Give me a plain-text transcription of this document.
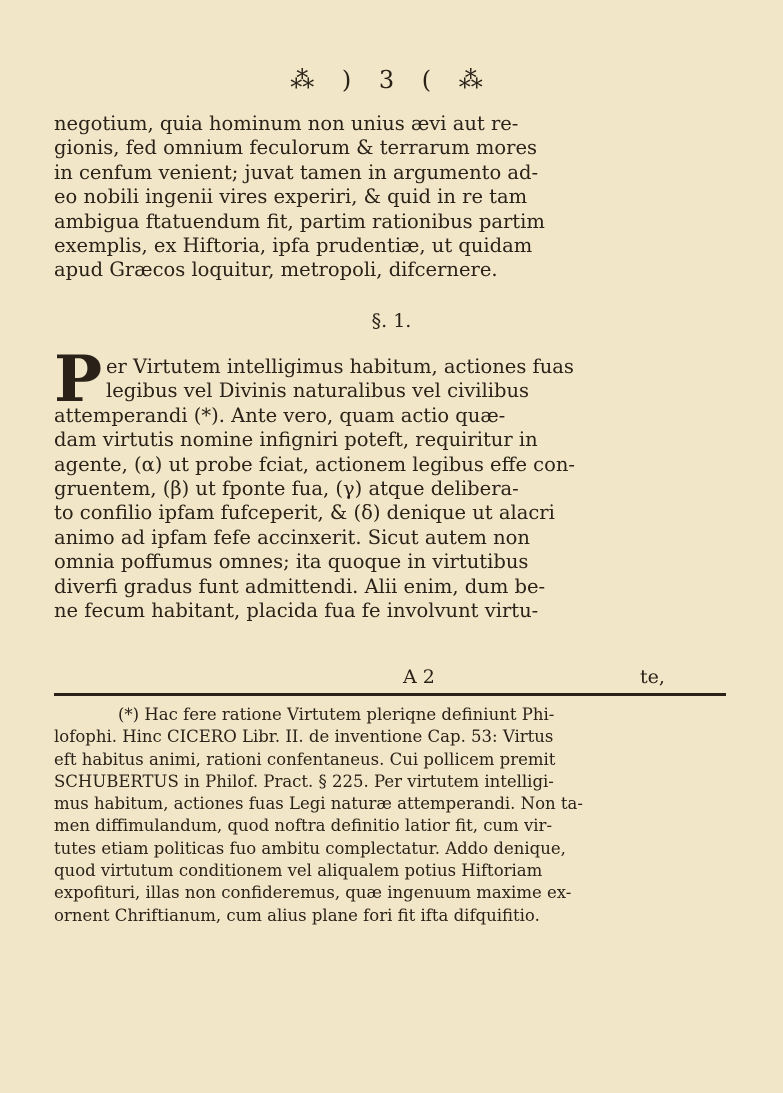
⁂ ) 3 ( ⁂
negotium, quia hominum non unius ævi aut re-
gionis, fed omnium feculorum & terrarum mores
in cenfum venient; juvat tamen in argumento ad-
eo nobili ingenii vires experiri, & quid in re tam
ambigua ftatuendum fit, partim rationibus partim
exemplis, ex Hiftoria, ipfa prudentiæ, ut quidam
apud Græcos loquitur, metropoli, difcernere.
§. 1.
P er Virtutem intelligimus habitum, actiones fuas
legibus vel Divinis naturalibus vel civilibus
attemperandi (*). Ante vero, quam actio quæ-
dam virtutis nomine infigniri poteft, requiritur in
agente, (α) ut probe fciat, actionem legibus effe con-
gruentem, (β) ut fponte fua, (γ) atque delibera-
to confilio ipfam fufceperit, & (δ) denique ut alacri
animo ad ipfam fefe accinxerit. Sicut autem non
omnia poffumus omnes; ita quoque in virtutibus
diverfi gradus funt admittendi. Alii enim, dum be-
ne fecum habitant, placida fua fe involvunt virtu-
A 2	te,
(*) Hac fere ratione Virtutem pleriqne definiunt Phi-
lofophi. Hinc CICERO Libr. II. de inventione Cap. 53: Virtus
eft habitus animi, rationi confentaneus. Cui pollicem premit
SCHUBERTUS in Philof. Pract. § 225. Per virtutem intelligi-
mus habitum, actiones fuas Legi naturæ attemperandi. Non ta-
men diffimulandum, quod noftra definitio latior fit, cum vir-
tutes etiam politicas fuo ambitu complectatur. Addo denique,
quod virtutum conditionem vel aliqualem potius Hiftoriam
expofituri, illas non confideremus, quæ ingenuum maxime ex-
ornent Chriftianum, cum alius plane fori fit ifta difquifitio.
